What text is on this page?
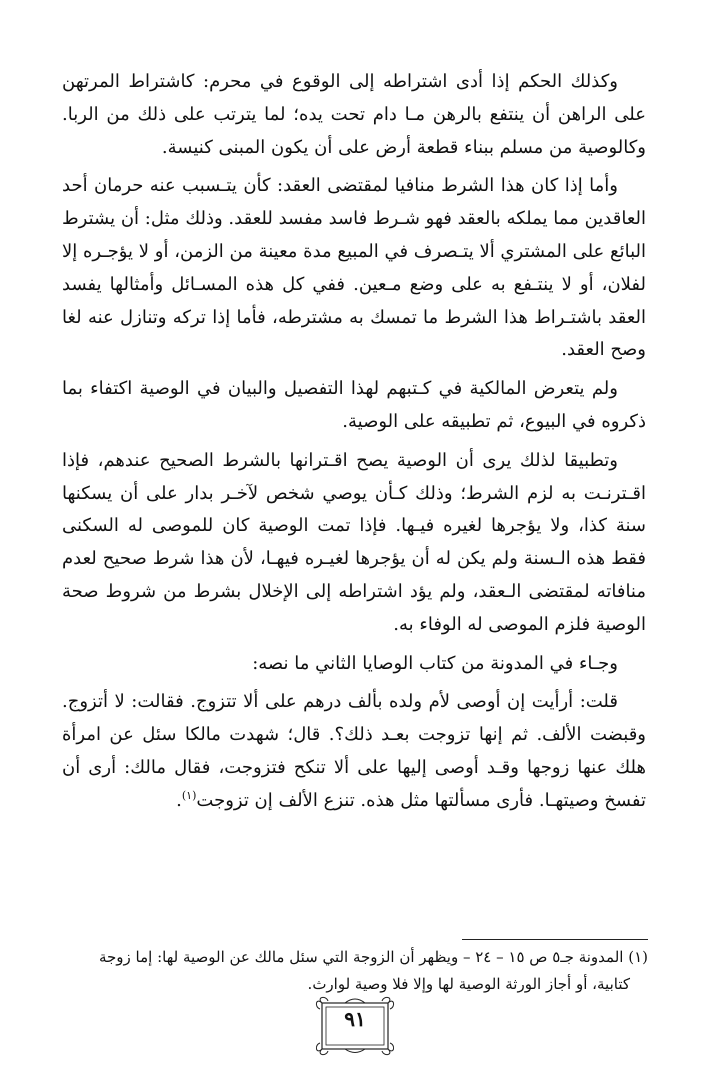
وكذلك الحكم إذا أدى اشتراطه إلى الوقوع في محرم: كاشتراط المرتهن على الراهن أن ينتفع بالرهن مـا دام تحت يده؛ لما يترتب على ذلك من الربا. وكالوصية من مسلم ببناء قطعة أرض على أن يكون المبنى كنيسة.

وأما إذا كان هذا الشرط منافيا لمقتضى العقد: كأن يتـسبب عنه حرمان أحد العاقدين مما يملكه بالعقد فهو شـرط فاسد مفسد للعقد. وذلك مثل: أن يشترط البائع على المشتري ألا يتـصرف في المبيع مدة معينة من الزمن، أو لا يؤجـره إلا لفلان، أو لا ينتـفع به على وضع مـعين. ففي كل هذه المسـائل وأمثالها يفسد العقد باشتـراط هذا الشرط ما تمسك به مشترطه، فأما إذا تركه وتنازل عنه لغا وصح العقد.

ولم يتعرض المالكية في كـتبهم لهذا التفصيل والبيان في الوصية اكتفاء بما ذكروه في البيوع، ثم تطبيقه على الوصية.

وتطبيقا لذلك يرى أن الوصية يصح اقـترانها بالشرط الصحيح عندهم، فإذا اقـترنـت به لزم الشرط؛ وذلك كـأن يوصي شخص لآخـر بدار على أن يسكنها سنة كذا، ولا يؤجرها لغيره فيـها. فإذا تمت الوصية كان للموصى له السكنى فقط هذه الـسنة ولم يكن له أن يؤجرها لغيـره فيهـا، لأن هذا شرط صحيح لعدم منافاته لمقتضى الـعقد، ولم يؤد اشتراطه إلى الإخلال بشرط من شروط صحة الوصية فلزم الموصى له الوفاء به.

وجـاء في المدونة من كتاب الوصايا الثاني ما نصه:

قلت: أرأيت إن أوصى لأم ولده بألف درهم على ألا تتزوج. فقالت: لا أتزوج. وقبضت الألف. ثم إنها تزوجت بعـد ذلك؟. قال؛ شهدت مالكا سئل عن امرأة هلك عنها زوجها وقـد أوصى إليها على ألا تنكح فتزوجت، فقال مالك: أرى أن تفسخ وصيتهـا. فأرى مسألتها مثل هذه. تنزع الألف إن تزوجت$^{(١)}$.

(١) المدونة جـ٥ ص ١٥ – ٢٤ – ويظهر أن الزوجة التي سئل مالك عن الوصية لها: إما زوجة

كتابية، أو أجاز الورثة الوصية لها وإلا فلا وصية لوارث.

٩١
